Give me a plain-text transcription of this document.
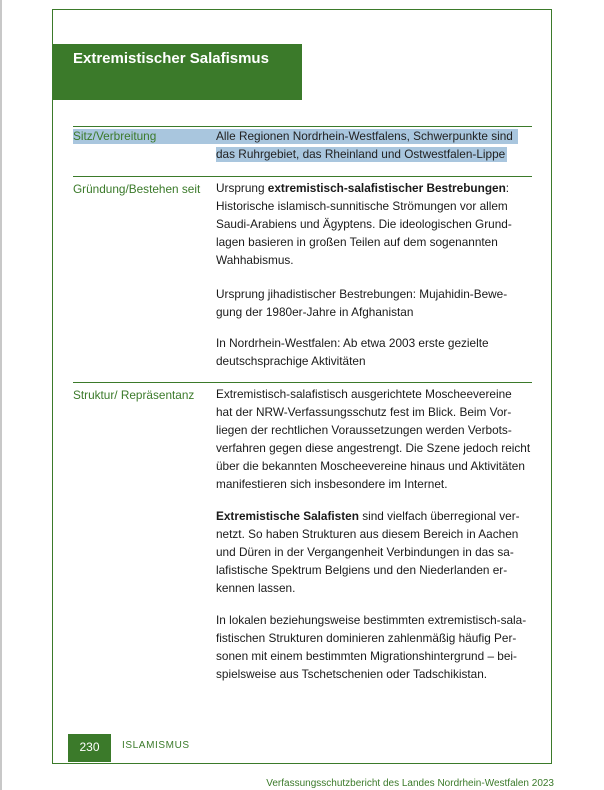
Extremistischer Salafismus
Sitz/Verbreitung	Alle Regionen Nordrhein-Westfalens, Schwerpunkte sind
das Ruhrgebiet, das Rheinland und Ostwestfalen-Lippe
Gründung/Bestehen seit Ursprung extremistisch-salafistischer Bestrebungen:
Historische islamisch-sunnitische Strömungen vor allem
Saudi-Arabiens und Ägyptens. Die ideologischen Grund-
lagen basieren in großen Teilen auf dem sogenannten
Wahhabismus.
Ursprung jihadistischer Bestrebungen: Mujahidin-Bewe-
gung der 1980er-Jahre in Afghanistan
In Nordrhein-Westfalen: Ab etwa 2003 erste gezielte
deutschsprachige Aktivitäten
Struktur/ Repräsentanz Extremistisch-salafistisch ausgerichtete Moscheevereine
hat der NRW-Verfassungsschutz fest im Blick. Beim Vor-
liegen der rechtlichen Voraussetzungen werden Verbots-
verfahren gegen diese angestrengt. Die Szene jedoch reicht
über die bekannten Moscheevereine hinaus und Aktivitäten
manifestieren sich insbesondere im Internet.
Extremistische Salafisten sind vielfach überregional ver-
netzt. So haben Strukturen aus diesem Bereich in Aachen
und Düren in der Vergangenheit Verbindungen in das sa-
lafistische Spektrum Belgiens und den Niederlanden er-
kennen lassen.
In lokalen beziehungsweise bestimmten extremistisch-sala-
fistischen Strukturen dominieren zahlenmäßig häufig Per-
sonen mit einem bestimmten Migrationshintergrund – bei-
spielsweise aus Tschetschenien oder Tadschikistan.
230	ISLAMISMUS
Verfassungsschutzbericht des Landes Nordrhein-Westfalen 2023
